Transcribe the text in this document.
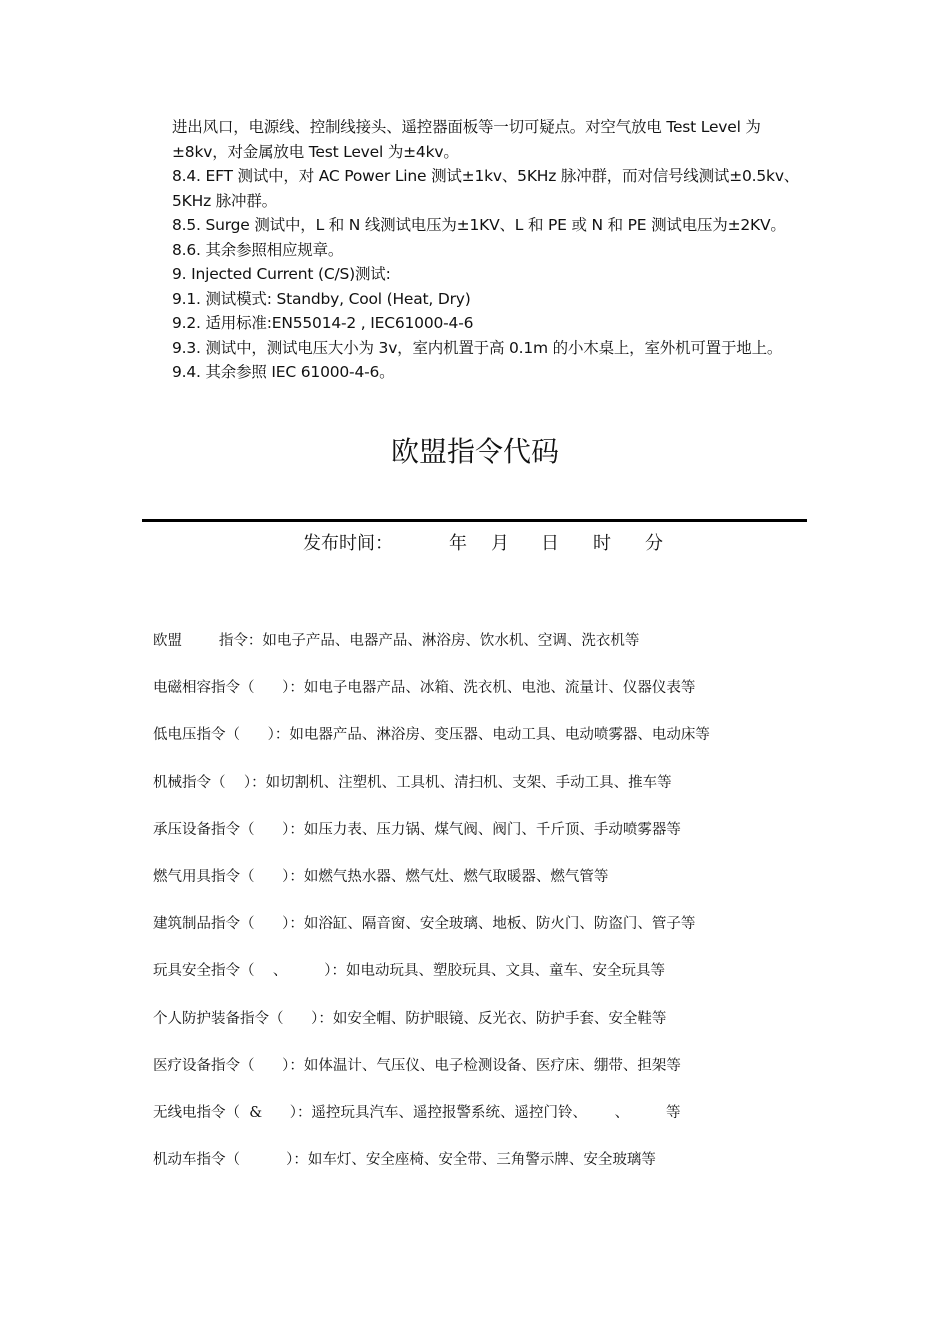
进出风口，电源线、控制线接头、遥控器面板等一切可疑点。对空气放电 Test Level 为

±8kv，对金属放电 Test Level 为±4kv。

8.4. EFT 测试中，对 AC Power Line 测试±1kv、5KHz 脉冲群，而对信号线测试±0.5kv、

5KHz 脉冲群。

8.5. Surge 测试中，L 和 N 线测试电压为±1KV、L 和 PE 或 N 和 PE 测试电压为±2KV。

8.6. 其余参照相应规章。

9. Injected Current (C/S)测试:

9.1. 测试模式: Standby, Cool (Heat, Dry)

9.2. 适用标准:EN55014-2 , IEC61000-4-6

9.3. 测试中，测试电压大小为 3v，室内机置于高 0.1m 的小木桌上，室外机可置于地上。

9.4. 其余参照 IEC 61000-4-6。

欧盟指令代码
发布时间：	年 月 日 时 分
欧盟        指令：如电子产品、电器产品、淋浴房、饮水机、空调、洗衣机等
电磁相容指令（      ）：如电子电器产品、冰箱、洗衣机、电池、流量计、仪器仪表等
低电压指令（      ）：如电器产品、淋浴房、变压器、电动工具、电动喷雾器、电动床等
机械指令（    ）：如切割机、注塑机、工具机、清扫机、支架、手动工具、推车等
承压设备指令（      ）：如压力表、压力锅、煤气阀、阀门、千斤顶、手动喷雾器等
燃气用具指令（      ）：如燃气热水器、燃气灶、燃气取暖器、燃气管等
建筑制品指令（      ）：如浴缸、隔音窗、安全玻璃、地板、防火门、防盗门、管子等
玩具安全指令（    、        ）：如电动玩具、塑胶玩具、文具、童车、安全玩具等
个人防护装备指令（      ）：如安全帽、防护眼镜、反光衣、防护手套、安全鞋等
医疗设备指令（      ）：如体温计、气压仪、电子检测设备、医疗床、绷带、担架等
无线电指令（  &      ）：遥控玩具汽车、遥控报警系统、遥控门铃、      、        等
机动车指令（          ）：如车灯、安全座椅、安全带、三角警示牌、安全玻璃等
